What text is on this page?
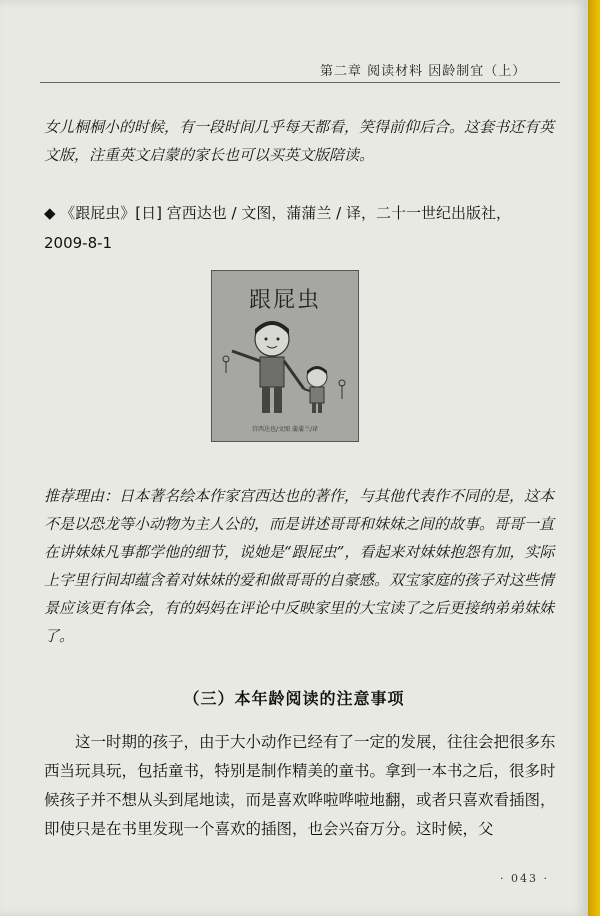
第二章 阅读材料 因龄制宜（上）
女儿桐桐小的时候，有一段时间几乎每天都看，笑得前仰后合。这套书还有英文版，注重英文启蒙的家长也可以买英文版陪读。
◆ 《跟屁虫》[日] 宫西达也 / 文图，蒲蒲兰 / 译，二十一世纪出版社，
2009-8-1
跟屁虫
宫西达也/文图 蒲蒲兰/译
推荐理由：日本著名绘本作家宫西达也的著作，与其他代表作不同的是，这本不是以恐龙等小动物为主人公的，而是讲述哥哥和妹妹之间的故事。哥哥一直在讲妹妹凡事都学他的细节，说她是“跟屁虫”，看起来对妹妹抱怨有加，实际上字里行间却蕴含着对妹妹的爱和做哥哥的自豪感。双宝家庭的孩子对这些情景应该更有体会，有的妈妈在评论中反映家里的大宝读了之后更接纳弟弟妹妹了。
（三）本年龄阅读的注意事项
这一时期的孩子，由于大小动作已经有了一定的发展，往往会把很多东西当玩具玩，包括童书，特别是制作精美的童书。拿到一本书之后，很多时候孩子并不想从头到尾地读，而是喜欢哗啦哗啦地翻，或者只喜欢看插图，即使只是在书里发现一个喜欢的插图，也会兴奋万分。这时候，父
· 043 ·
